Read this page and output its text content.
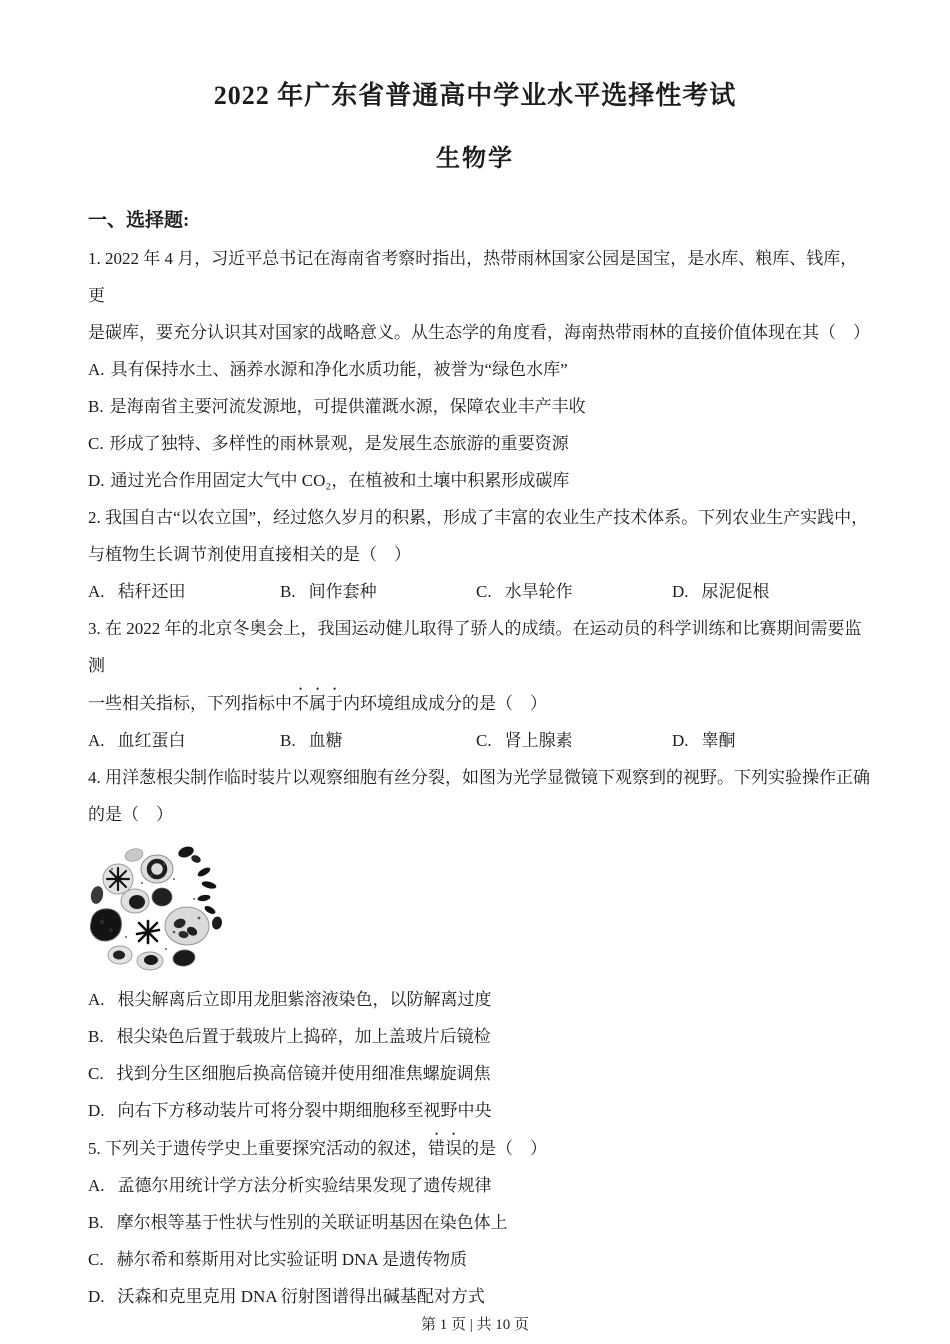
2022 年广东省普通高中学业水平选择性考试
生物学
一、选择题:

1. 2022 年 4 月，习近平总书记在海南省考察时指出，热带雨林国家公园是国宝，是水库、粮库、钱库，更

是碳库，要充分认识其对国家的战略意义。从生态学的角度看，海南热带雨林的直接价值体现在其（　）

A. 具有保持水土、涵养水源和净化水质功能，被誉为“绿色水库”

B. 是海南省主要河流发源地，可提供灌溉水源，保障农业丰产丰收

C. 形成了独特、多样性的雨林景观，是发展生态旅游的重要资源

D. 通过光合作用固定大气中 CO₂，在植被和土壤中积累形成碳库

2. 我国自古“以农立国”，经过悠久岁月的积累，形成了丰富的农业生产技术体系。下列农业生产实践中，

与植物生长调节剂使用直接相关的是（　）

A. 秸秆还田	B. 间作套种	C. 水旱轮作	D. 尿泥促根

3. 在 2022 年的北京冬奥会上，我国运动健儿取得了骄人的成绩。在运动员的科学训练和比赛期间需要监测

一些相关指标，下列指标中不属于内环境组成成分的是（　）

A. 血红蛋白	B. 血糖	C. 肾上腺素	D. 睾酮

4. 用洋葱根尖制作临时装片以观察细胞有丝分裂，如图为光学显微镜下观察到的视野。下列实验操作正确

的是（　）

A. 根尖解离后立即用龙胆紫溶液染色，以防解离过度

B. 根尖染色后置于载玻片上捣碎，加上盖玻片后镜检

C. 找到分生区细胞后换高倍镜并使用细准焦螺旋调焦

D. 向右下方移动装片可将分裂中期细胞移至视野中央

5. 下列关于遗传学史上重要探究活动的叙述，错误的是（　）

A. 孟德尔用统计学方法分析实验结果发现了遗传规律

B. 摩尔根等基于性状与性别的关联证明基因在染色体上

C. 赫尔希和蔡斯用对比实验证明 DNA 是遗传物质

D. 沃森和克里克用 DNA 衍射图谱得出碱基配对方式

第 1 页 | 共 10 页
